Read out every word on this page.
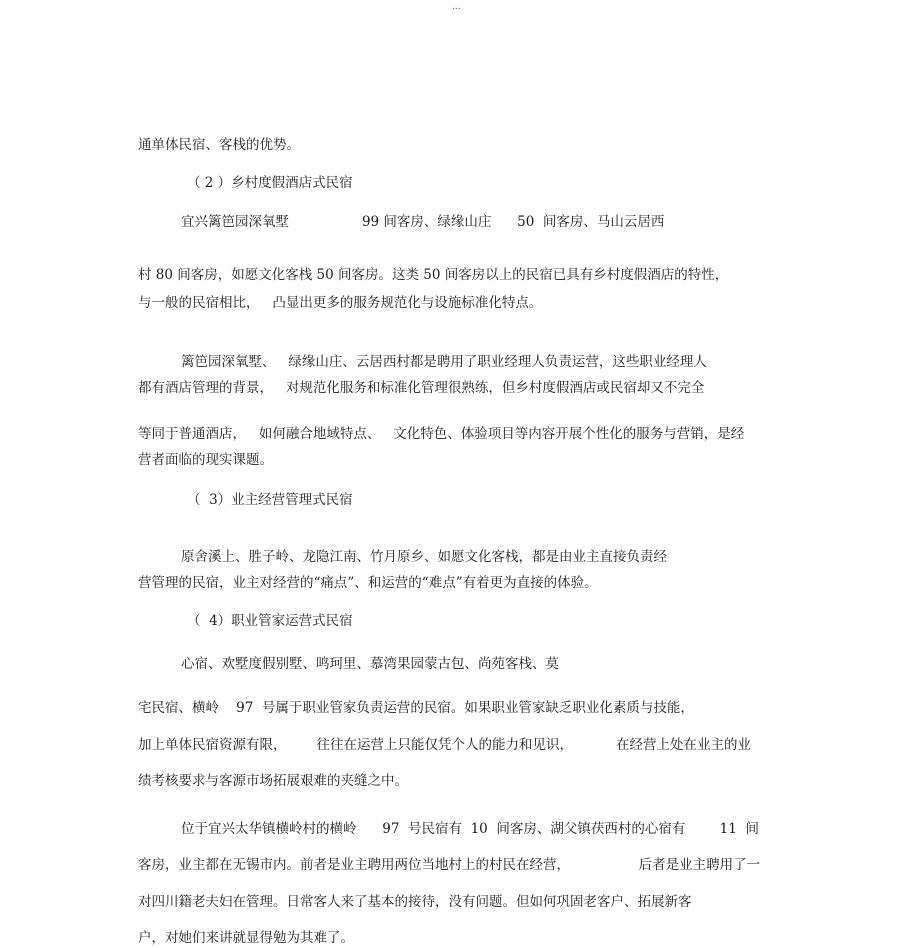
...
通单体民宿、客栈的优势。
（ 2 ）乡村度假酒店式民宿
宜兴篱笆园深氧墅                 99 间客房、绿缘山庄      50  间客房、马山云居西
村 80 间客房，如愿文化客栈 50 间客房。这类 50 间客房以上的民宿已具有乡村度假酒店的特性，
与一般的民宿相比，   凸显出更多的服务规范化与设施标准化特点。
篱笆园深氧墅、   绿缘山庄、云居西村都是聘用了职业经理人负责运营，这些职业经理人
都有酒店管理的背景，   对规范化服务和标准化管理很熟练，但乡村度假酒店或民宿却又不完全
等同于普通酒店，   如何融合地域特点、   文化特色、体验项目等内容开展个性化的服务与营销，是经
营者面临的现实课题。
（  3）业主经营管理式民宿
原舍溪上、胜子岭、龙隐江南、竹月原乡、如愿文化客栈，都是由业主直接负责经
营管理的民宿，业主对经营的“痛点”、和运营的“难点”有着更为直接的体验。
（  4）职业管家运营式民宿
心宿、欢墅度假别墅、鸣珂里、慕湾果园蒙古包、尚苑客栈、莫
宅民宿、横岭    97  号属于职业管家负责运营的民宿。如果职业管家缺乏职业化素质与技能，
加上单体民宿资源有限，       往往在运营上只能仅凭个人的能力和见识，          在经营上处在业主的业
绩考核要求与客源市场拓展艰难的夹缝之中。
位于宜兴太华镇横岭村的横岭      97  号民宿有  10  间客房、湖父镇茯西村的心宿有        11  间
客房，业主都在无锡市内。前者是业主聘用两位当地村上的村民在经营，                后者是业主聘用了一
对四川籍老夫妇在管理。日常客人来了基本的接待，没有问题。但如何巩固老客户、拓展新客
户，对她们来讲就显得勉为其难了。
